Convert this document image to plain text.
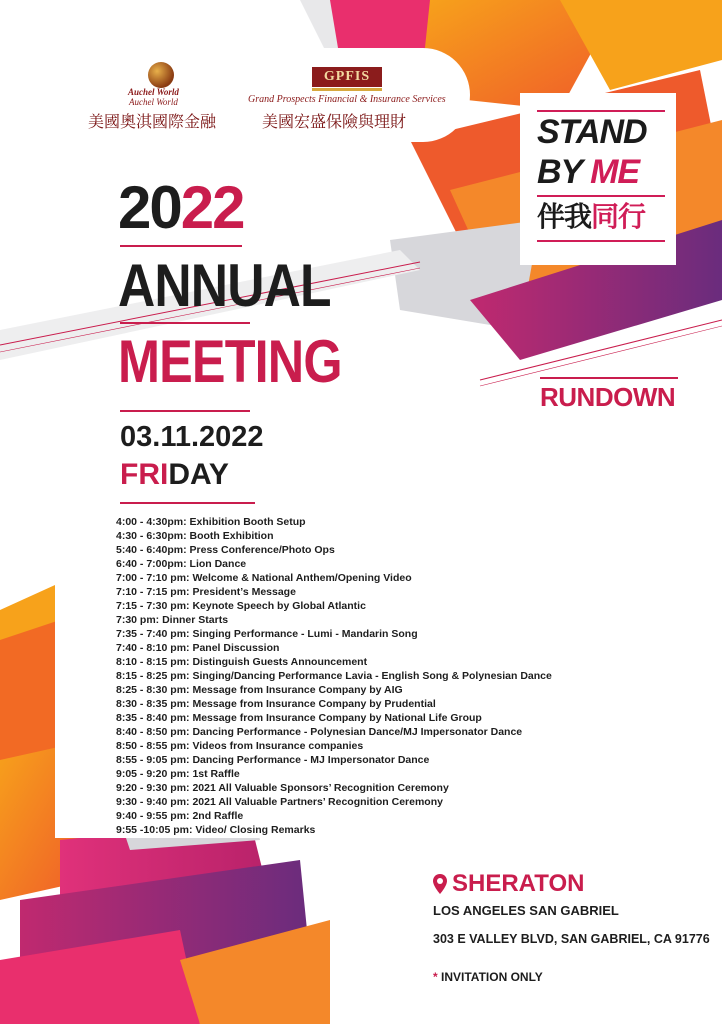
Auchel World
Auchel World
美國奧淇國際金融
GPFIS
Grand Prospects Financial & Insurance Services
美國宏盛保險與理財	STAND
BY ME
伴我同行
2022
ANNUAL
MEETING
03.11.2022
FRIDAY
RUNDOWN
4:00 - 4:30pm: Exhibition Booth Setup
4:30 - 6:30pm: Booth Exhibition
5:40 - 6:40pm: Press Conference/Photo Ops
6:40 - 7:00pm: Lion Dance
7:00 - 7:10 pm: Welcome & National Anthem/Opening Video
7:10 - 7:15 pm: President’s Message
7:15 - 7:30 pm: Keynote Speech by Global Atlantic
7:30 pm: Dinner Starts
7:35 - 7:40 pm: Singing Performance - Lumi - Mandarin Song
7:40 - 8:10 pm: Panel Discussion
8:10 - 8:15 pm: Distinguish Guests Announcement
8:15 - 8:25 pm: Singing/Dancing Performance Lavia - English Song & Polynesian Dance
8:25 - 8:30 pm: Message from Insurance Company by AIG
8:30 - 8:35 pm: Message from Insurance Company by Prudential
8:35 - 8:40 pm: Message from Insurance Company by National Life Group
8:40 - 8:50 pm: Dancing Performance - Polynesian Dance/MJ Impersonator Dance
8:50 - 8:55 pm: Videos from Insurance companies
8:55 - 9:05 pm: Dancing Performance - MJ Impersonator Dance
9:05 - 9:20 pm: 1st Raffle
9:20 - 9:30 pm: 2021 All Valuable Sponsors’ Recognition Ceremony
9:30 - 9:40 pm: 2021 All Valuable Partners’ Recognition Ceremony
9:40 - 9:55 pm: 2nd Raffle
9:55 -10:05 pm: Video/ Closing Remarks
SHERATON
LOS ANGELES SAN GABRIEL
303 E VALLEY BLVD, SAN GABRIEL, CA 91776
* INVITATION ONLY
